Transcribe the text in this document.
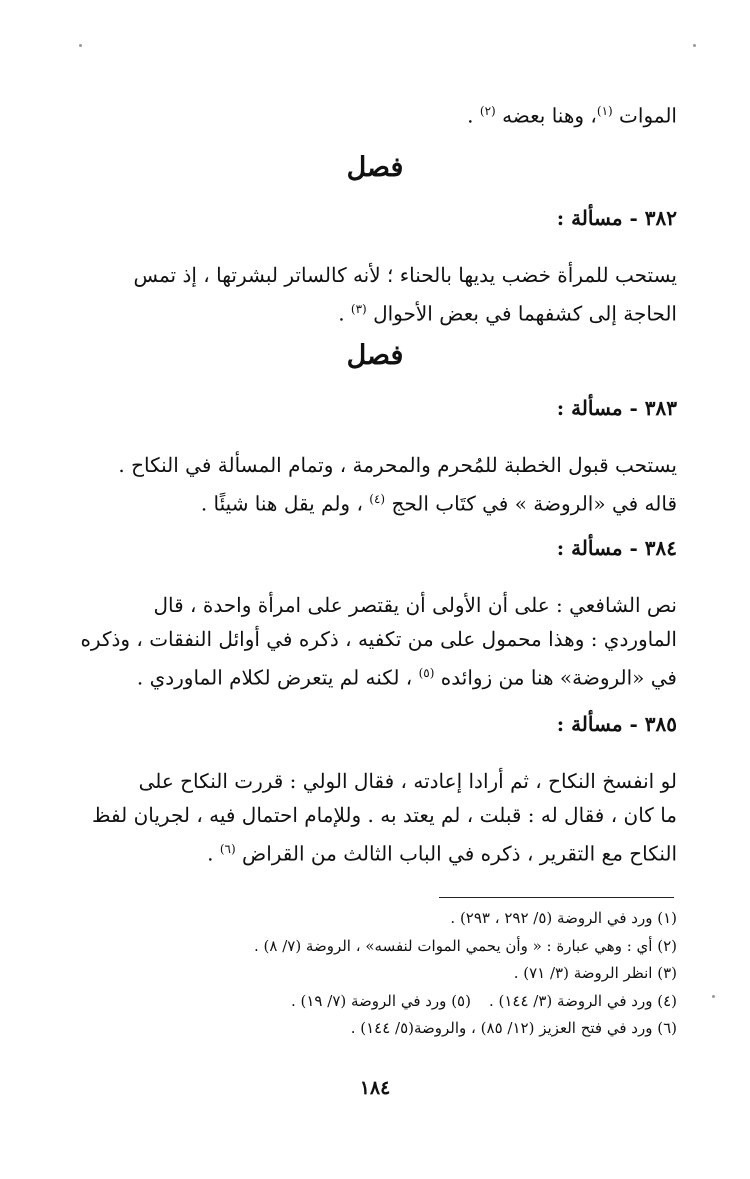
الموات $^{(١)}$، وهنا بعضه $^{(٢)}$ .
فصل
٣٨٢ - مسألة :
يستحب للمرأة خضب يديها بالحناء ؛ لأنه كالساتر لبشرتها ، إذ تمس
الحاجة إلى كشفهما في بعض الأحوال $^{(٣)}$ .
فصل
٣٨٣ - مسألة :
يستحب قبول الخطبة للمُحرم والمحرمة ، وتمام المسألة في النكاح .
قاله في «الروضة » في كتَاب الحج $^{(٤)}$ ، ولم يقل هنا شيئًا .
٣٨٤ - مسألة :
نص الشافعي : على أن الأولى أن يقتصر على امرأة واحدة ، قال
الماوردي : وهذا محمول على من تكفيه ، ذكره في أوائل النفقات ، وذكره
في «الروضة» هنا من زوائده $^{(٥)}$ ، لكنه لم يتعرض لكلام الماوردي .
٣٨٥ - مسألة :
لو انفسخ النكاح ، ثم أرادا إعادته ، فقال الولي : قررت النكاح على
ما كان ، فقال له : قبلت ، لم يعتد به . وللإمام احتمال فيه ، لجريان لفظ
النكاح مع التقرير ، ذكره في الباب الثالث من القراض $^{(٦)}$ .
(١) ورد في الروضة (٥/ ٢٩٢ ، ٢٩٣) .
(٢) أي : وهي عبارة : « وأن يحمي الموات لنفسه» ، الروضة (٧/ ٨) .
(٣) انظر الروضة (٣/ ٧١) .
(٤) ورد في الروضة (٣/ ١٤٤) .(٥) ورد في الروضة (٧/ ١٩) .
(٦) ورد في فتح العزيز (١٢/ ٨٥) ، والروضة(٥/ ١٤٤) .
١٨٤
